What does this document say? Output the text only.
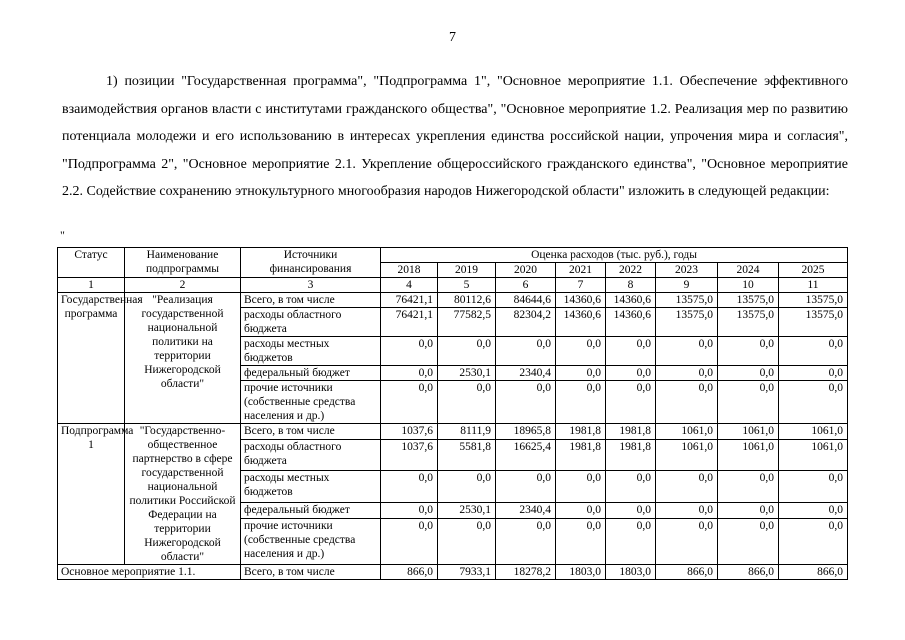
7

1) позиции "Государственная программа", "Подпрограмма 1", "Основное мероприятие 1.1. Обеспечение эффективного взаимодействия органов власти с институтами гражданского общества", "Основное мероприятие 1.2. Реализация мер по развитию потенциала молодежи и его использованию в интересах укрепления единства российской нации, упрочения мира и согласия", "Подпрограмма 2", "Основное мероприятие 2.1. Укрепление общероссийского гражданского единства", "Основное мероприятие 2.2. Содействие сохранению этнокультурного многообразия народов Нижегородской области" изложить в следующей редакции:

"
Статус	Наименование подпрограммы	Источники финансирования	Оценка расходов (тыс. руб.), годы							
			2018	2019	2020	2021	2022	2023	2024	2025
1	2	3	4	5	6	7	8	9	10	11
Государственная программа	"Реализация государственной национальной политики на территории Нижегородской области"	Всего, в том числе	76421,1	80112,6	84644,6	14360,6	14360,6	13575,0	13575,0	13575,0
		расходы областного бюджета	76421,1	77582,5	82304,2	14360,6	14360,6	13575,0	13575,0	13575,0
		расходы местных бюджетов	0,0	0,0	0,0	0,0	0,0	0,0	0,0	0,0
		федеральный бюджет	0,0	2530,1	2340,4	0,0	0,0	0,0	0,0	0,0
		прочие источники (собственные средства населения и др.)	0,0	0,0	0,0	0,0	0,0	0,0	0,0	0,0
Подпрограмма 1	"Государственно-общественное партнерство в сфере государственной национальной политики Российской Федерации на территории Нижегородской области"	Всего, в том числе	1037,6	8111,9	18965,8	1981,8	1981,8	1061,0	1061,0	1061,0
		расходы областного бюджета	1037,6	5581,8	16625,4	1981,8	1981,8	1061,0	1061,0	1061,0
		расходы местных бюджетов	0,0	0,0	0,0	0,0	0,0	0,0	0,0	0,0
		федеральный бюджет	0,0	2530,1	2340,4	0,0	0,0	0,0	0,0	0,0
		прочие источники (собственные средства населения и др.)	0,0	0,0	0,0	0,0	0,0	0,0	0,0	0,0
Основное мероприятие 1.1.		Всего, в том числе	866,0	7933,1	18278,2	1803,0	1803,0	866,0	866,0	866,0
